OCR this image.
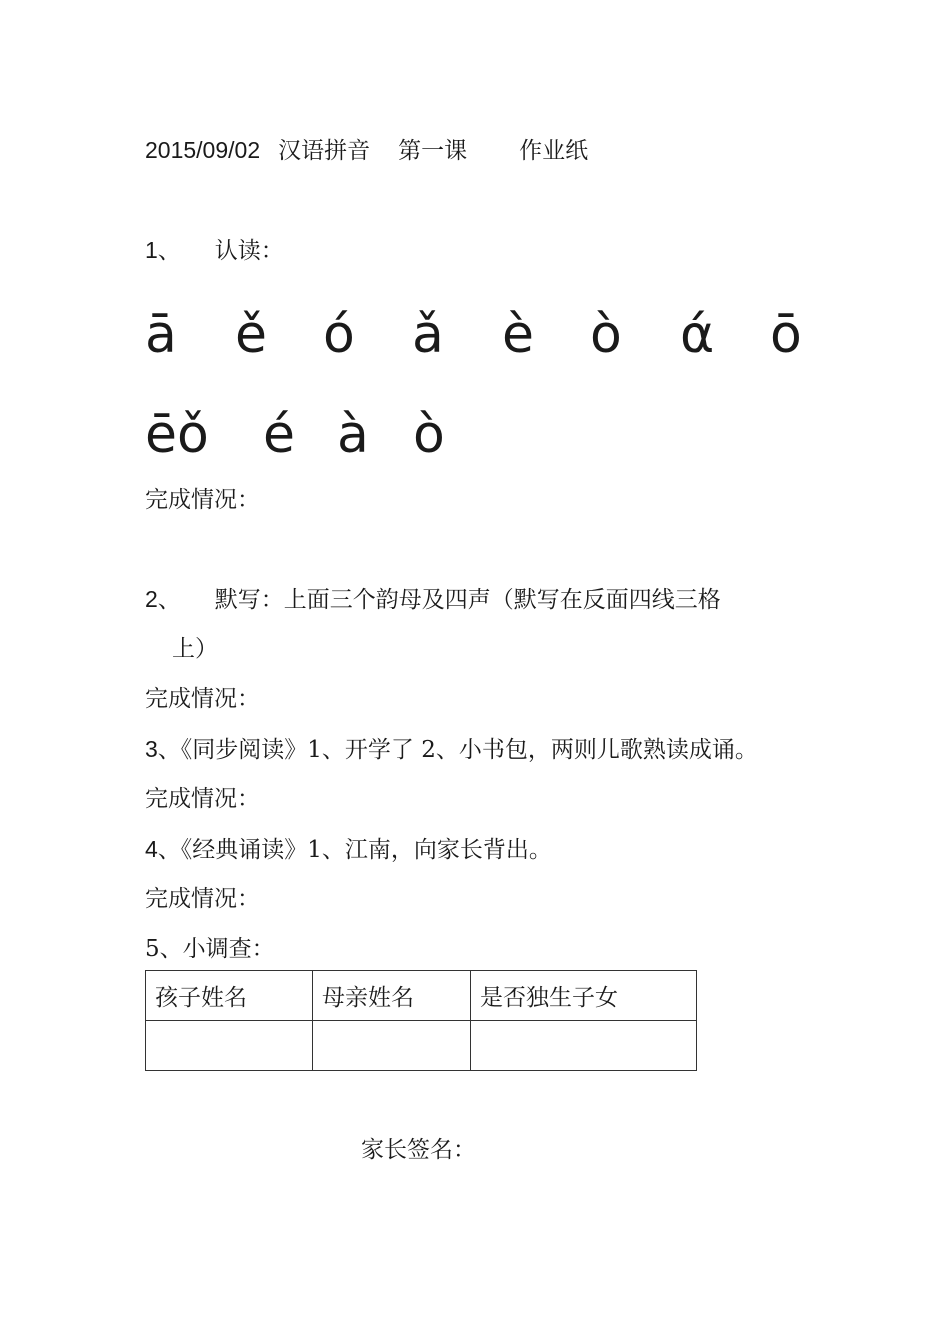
2015/09/02 汉语拼音 第一课 作业纸
1、 认读：
ā ě ó ǎ è ò ά ō
ēǒ é à ò
完成情况：
2、 默写：上面三个韵母及四声（默写在反面四线三格
上）
完成情况：
3、《同步阅读》1、开学了 2、小书包，两则儿歌熟读成诵。
完成情况：
4、《经典诵读》1、江南，向家长背出。
完成情况：
5、小调查：
孩子姓名	母亲姓名	是否独生子女

家长签名：
